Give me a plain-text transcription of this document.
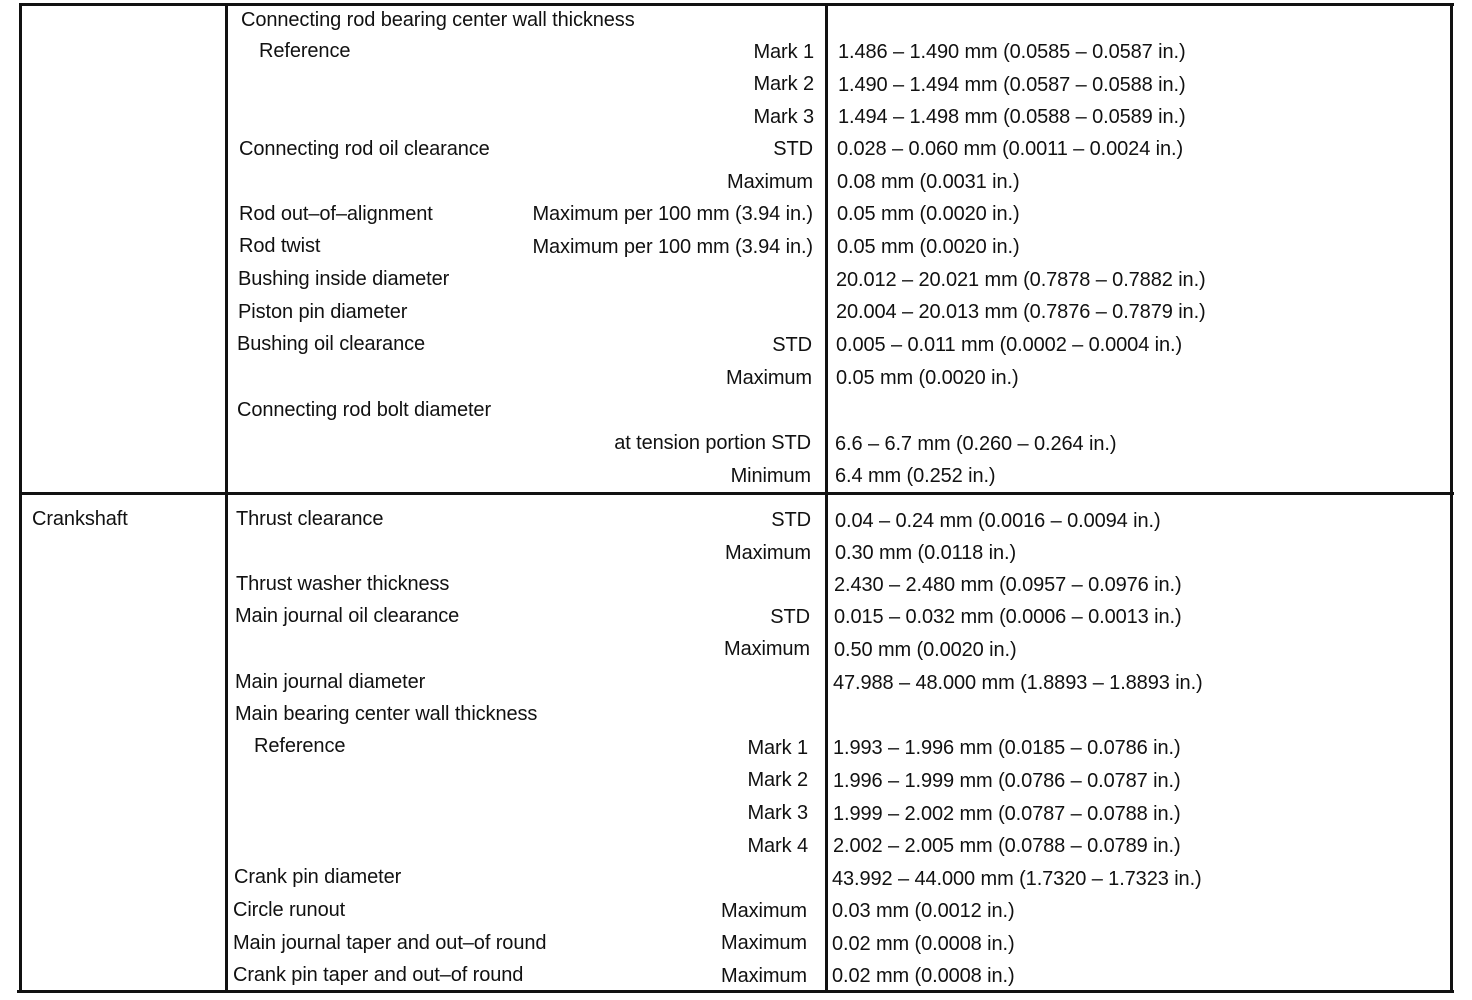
Connecting rod bearing center wall thickness
Reference	Mark 1 1.486 – 1.490 mm (0.0585 – 0.0587 in.)
Mark 2 1.490 – 1.494 mm (0.0587 – 0.0588 in.)
Mark 3 1.494 – 1.498 mm (0.0588 – 0.0589 in.)
Connecting rod oil clearance	STD 0.028 – 0.060 mm (0.0011 – 0.0024 in.)
Maximum 0.08 mm (0.0031 in.)
Rod out–of–alignment	Maximum per 100 mm (3.94 in.) 0.05 mm (0.0020 in.)
Rod twist	Maximum per 100 mm (3.94 in.) 0.05 mm (0.0020 in.)
Bushing inside diameter	20.012 – 20.021 mm (0.7878 – 0.7882 in.)
Piston pin diameter	20.004 – 20.013 mm (0.7876 – 0.7879 in.)
Bushing oil clearance	STD 0.005 – 0.011 mm (0.0002 – 0.0004 in.)
Maximum 0.05 mm (0.0020 in.)
Connecting rod bolt diameter
at tension portion STD 6.6 – 6.7 mm (0.260 – 0.264 in.)
Minimum 6.4 mm (0.252 in.)
Crankshaft	Thrust clearance	STD 0.04 – 0.24 mm (0.0016 – 0.0094 in.)
Maximum 0.30 mm (0.0118 in.)
Thrust washer thickness	2.430 – 2.480 mm (0.0957 – 0.0976 in.)
Main journal oil clearance	STD 0.015 – 0.032 mm (0.0006 – 0.0013 in.)
Maximum 0.50 mm (0.0020 in.)
Main journal diameter	47.988 – 48.000 mm (1.8893 – 1.8893 in.)
Main bearing center wall thickness
Reference	Mark 1 1.993 – 1.996 mm (0.0185 – 0.0786 in.)
Mark 2 1.996 – 1.999 mm (0.0786 – 0.0787 in.)
Mark 3 1.999 – 2.002 mm (0.0787 – 0.0788 in.)
Mark 4 2.002 – 2.005 mm (0.0788 – 0.0789 in.)
Crank pin diameter	43.992 – 44.000 mm (1.7320 – 1.7323 in.)
Circle runout	Maximum 0.03 mm (0.0012 in.)
Main journal taper and out–of round	Maximum 0.02 mm (0.0008 in.)
Crank pin taper and out–of round	Maximum 0.02 mm (0.0008 in.)
